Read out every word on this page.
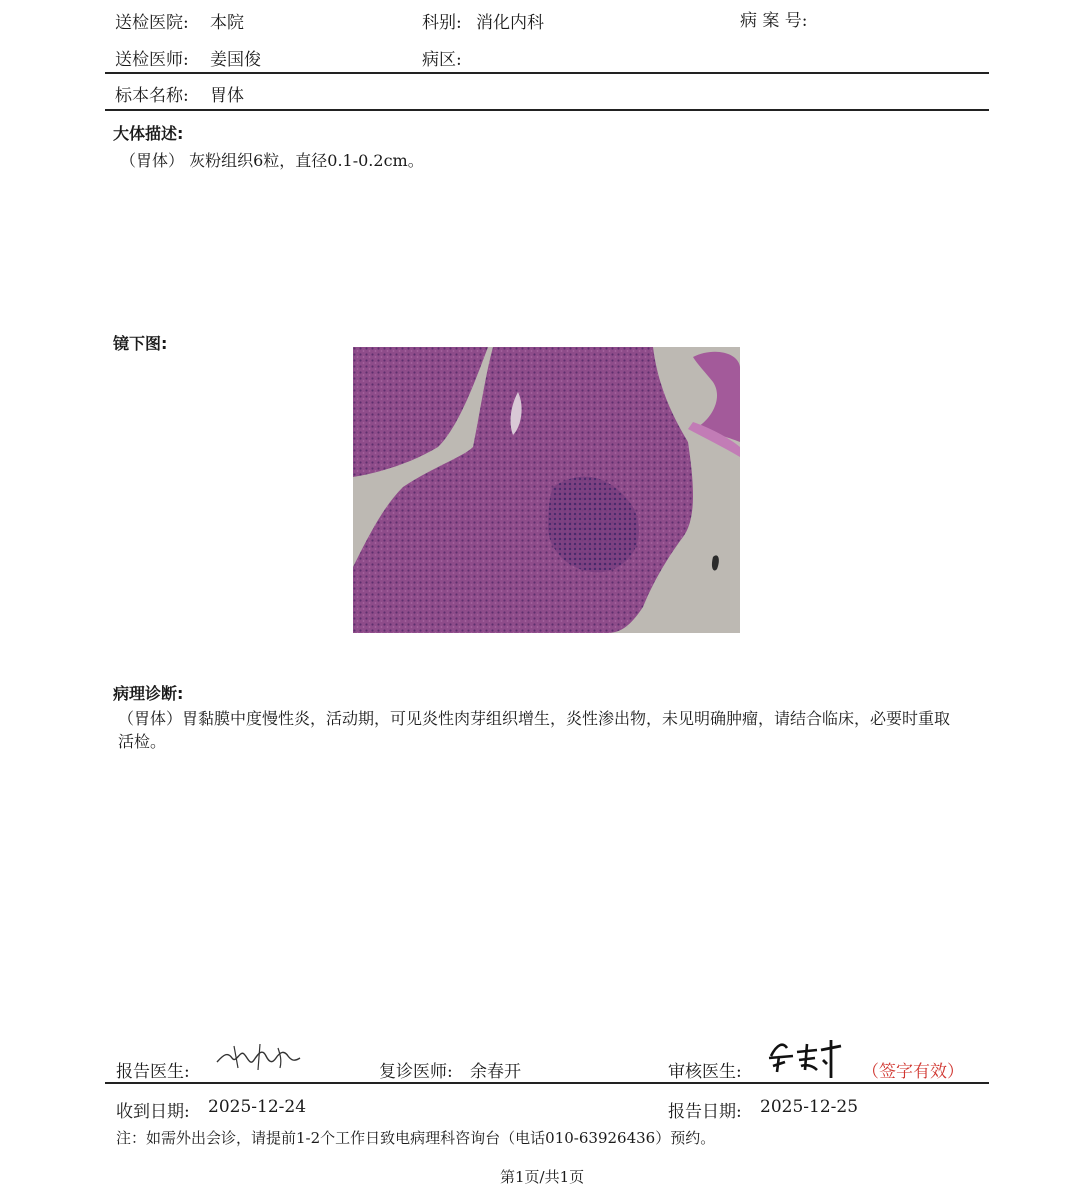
送检医院: 本院	科别: 消化内科	病 案 号:
送检医师: 姜国俊	病区:
标本名称: 胃体
大体描述:
（胃体） 灰粉组织6粒，直径0.1-0.2cm。
镜下图:
病理诊断:
（胃体）胃黏膜中度慢性炎，活动期，可见炎性肉芽组织增生，炎性渗出物，未见明确肿瘤，请结合临床，必要时重取活检。
报告医生:	复诊医师: 余春开	审核医生:	（签字有效）
收到日期: 2025-12-24	报告日期: 2025-12-25
注：如需外出会诊，请提前1-2个工作日致电病理科咨询台（电话010-63926436）预约。
第1页/共1页
